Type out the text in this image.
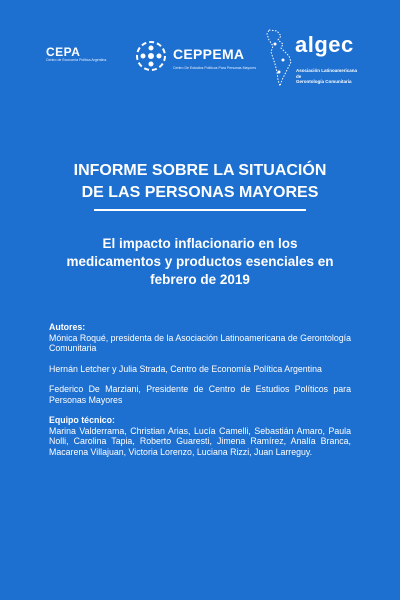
CEPA
Centro de Economía Política Argentina	CEPPEMA
Centro De Estudios Políticos Para Personas Mayores
algec
Asociación Latinoamericana de
Gerontología Comunitaria
INFORME SOBRE LA SITUACIÓN
DE LAS PERSONAS MAYORES
El impacto inflacionario en los
medicamentos y productos esenciales en
febrero de 2019
Autores:

Mónica Roqué, presidenta de la Asociación Latinoamericana de Gerontología Comunitaria

Hernán Letcher y Julia Strada, Centro de Economía Política Argentina

Federico De Marziani, Presidente de Centro de Estudios Políticos para Personas Mayores

Equipo técnico:

Marina Valderrama, Christian Arias, Lucía Camelli, Sebastián Amaro, Paula Nolli, Carolina Tapia, Roberto Guaresti, Jimena Ramírez, Analía Branca, Macarena Villajuan, Victoria Lorenzo, Luciana Rizzi, Juan Larreguy.
